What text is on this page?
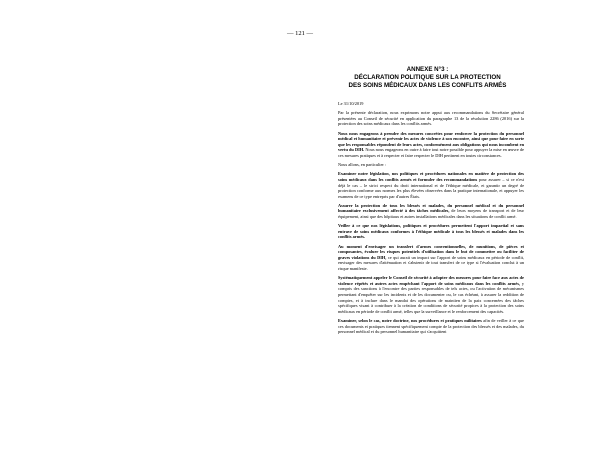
— 121 —
ANNEXE N°3 :
DÉCLARATION POLITIQUE SUR LA PROTECTION
DES SOINS MÉDICAUX DANS LES CONFLITS ARMÉS
Le 31/10/2019

Par la présente déclaration, nous exprimons notre appui aux recommandations du Secrétaire général présentées au Conseil de sécurité en application du paragraphe 13 de la résolution 2286 (2016) sur la protection des soins médicaux dans les conflits armés.

Nous nous engageons à prendre des mesures concrètes pour renforcer la protection du personnel médical et humanitaire et prévenir les actes de violence à son encontre, ainsi que pour faire en sorte que les responsables répondent de leurs actes, conformément aux obligations qui nous incombent en vertu du DIH. Nous nous engageons en outre à faire tout notre possible pour appuyer la mise en œuvre de ces mesures pratiques et à respecter et faire respecter le DIH pertinent en toutes circonstances.

Nous allons, en particulier :

Examiner notre législation, nos politiques et procédures nationales en matière de protection des soins médicaux dans les conflits armés et formuler des recommandations pour assurer – si ce n'est déjà le cas – le strict respect du droit international et de l'éthique médicale, et garantir un degré de protection conforme aux normes les plus élevées observées dans la pratique internationale, et appuyer les examens de ce type entrepris par d'autres États.

Assurer la protection de tous les blessés et malades, du personnel médical et du personnel humanitaire exclusivement affecté à des tâches médicales, de leurs moyens de transport et de leur équipement, ainsi que des hôpitaux et autres installations médicales dans les situations de conflit armé.

Veiller à ce que nos législations, politiques et procédures permettent l'apport impartial et sans entrave de soins médicaux conformes à l'éthique médicale à tous les blessés et malades dans les conflits armés.

Au moment d'envisager un transfert d'armes conventionnelles, de munitions, de pièces et composantes, évaluer les risques potentiels d'utilisation dans le but de commettre ou faciliter de graves violations du DIH, ce qui aurait un impact sur l'apport de soins médicaux en période de conflit, envisager des mesures d'atténuation et s'abstenir de tout transfert de ce type si l'évaluation conclut à un risque manifeste.

Systématiquement appeler le Conseil de sécurité à adopter des mesures pour faire face aux actes de violence répétés et autres actes empêchant l'apport de soins médicaux dans les conflits armés, y compris des sanctions à l'encontre des parties responsables de tels actes, ou l'activation de mécanismes permettant d'enquêter sur les incidents et de les documenter ou, le cas échéant, à assurer la reddition de comptes, et à inclure dans le mandat des opérations de maintien de la paix concernées des tâches spécifiques visant à contribuer à la création de conditions de sécurité propices à la protection des soins médicaux en période de conflit armé, telles que la surveillance et le renforcement des capacités.

Examiner, selon le cas, notre doctrine, nos procédures et pratiques militaires afin de veiller à ce que ces documents et pratiques tiennent spécifiquement compte de la protection des blessés et des malades, du personnel médical et du personnel humanitaire qui s'acquittent
